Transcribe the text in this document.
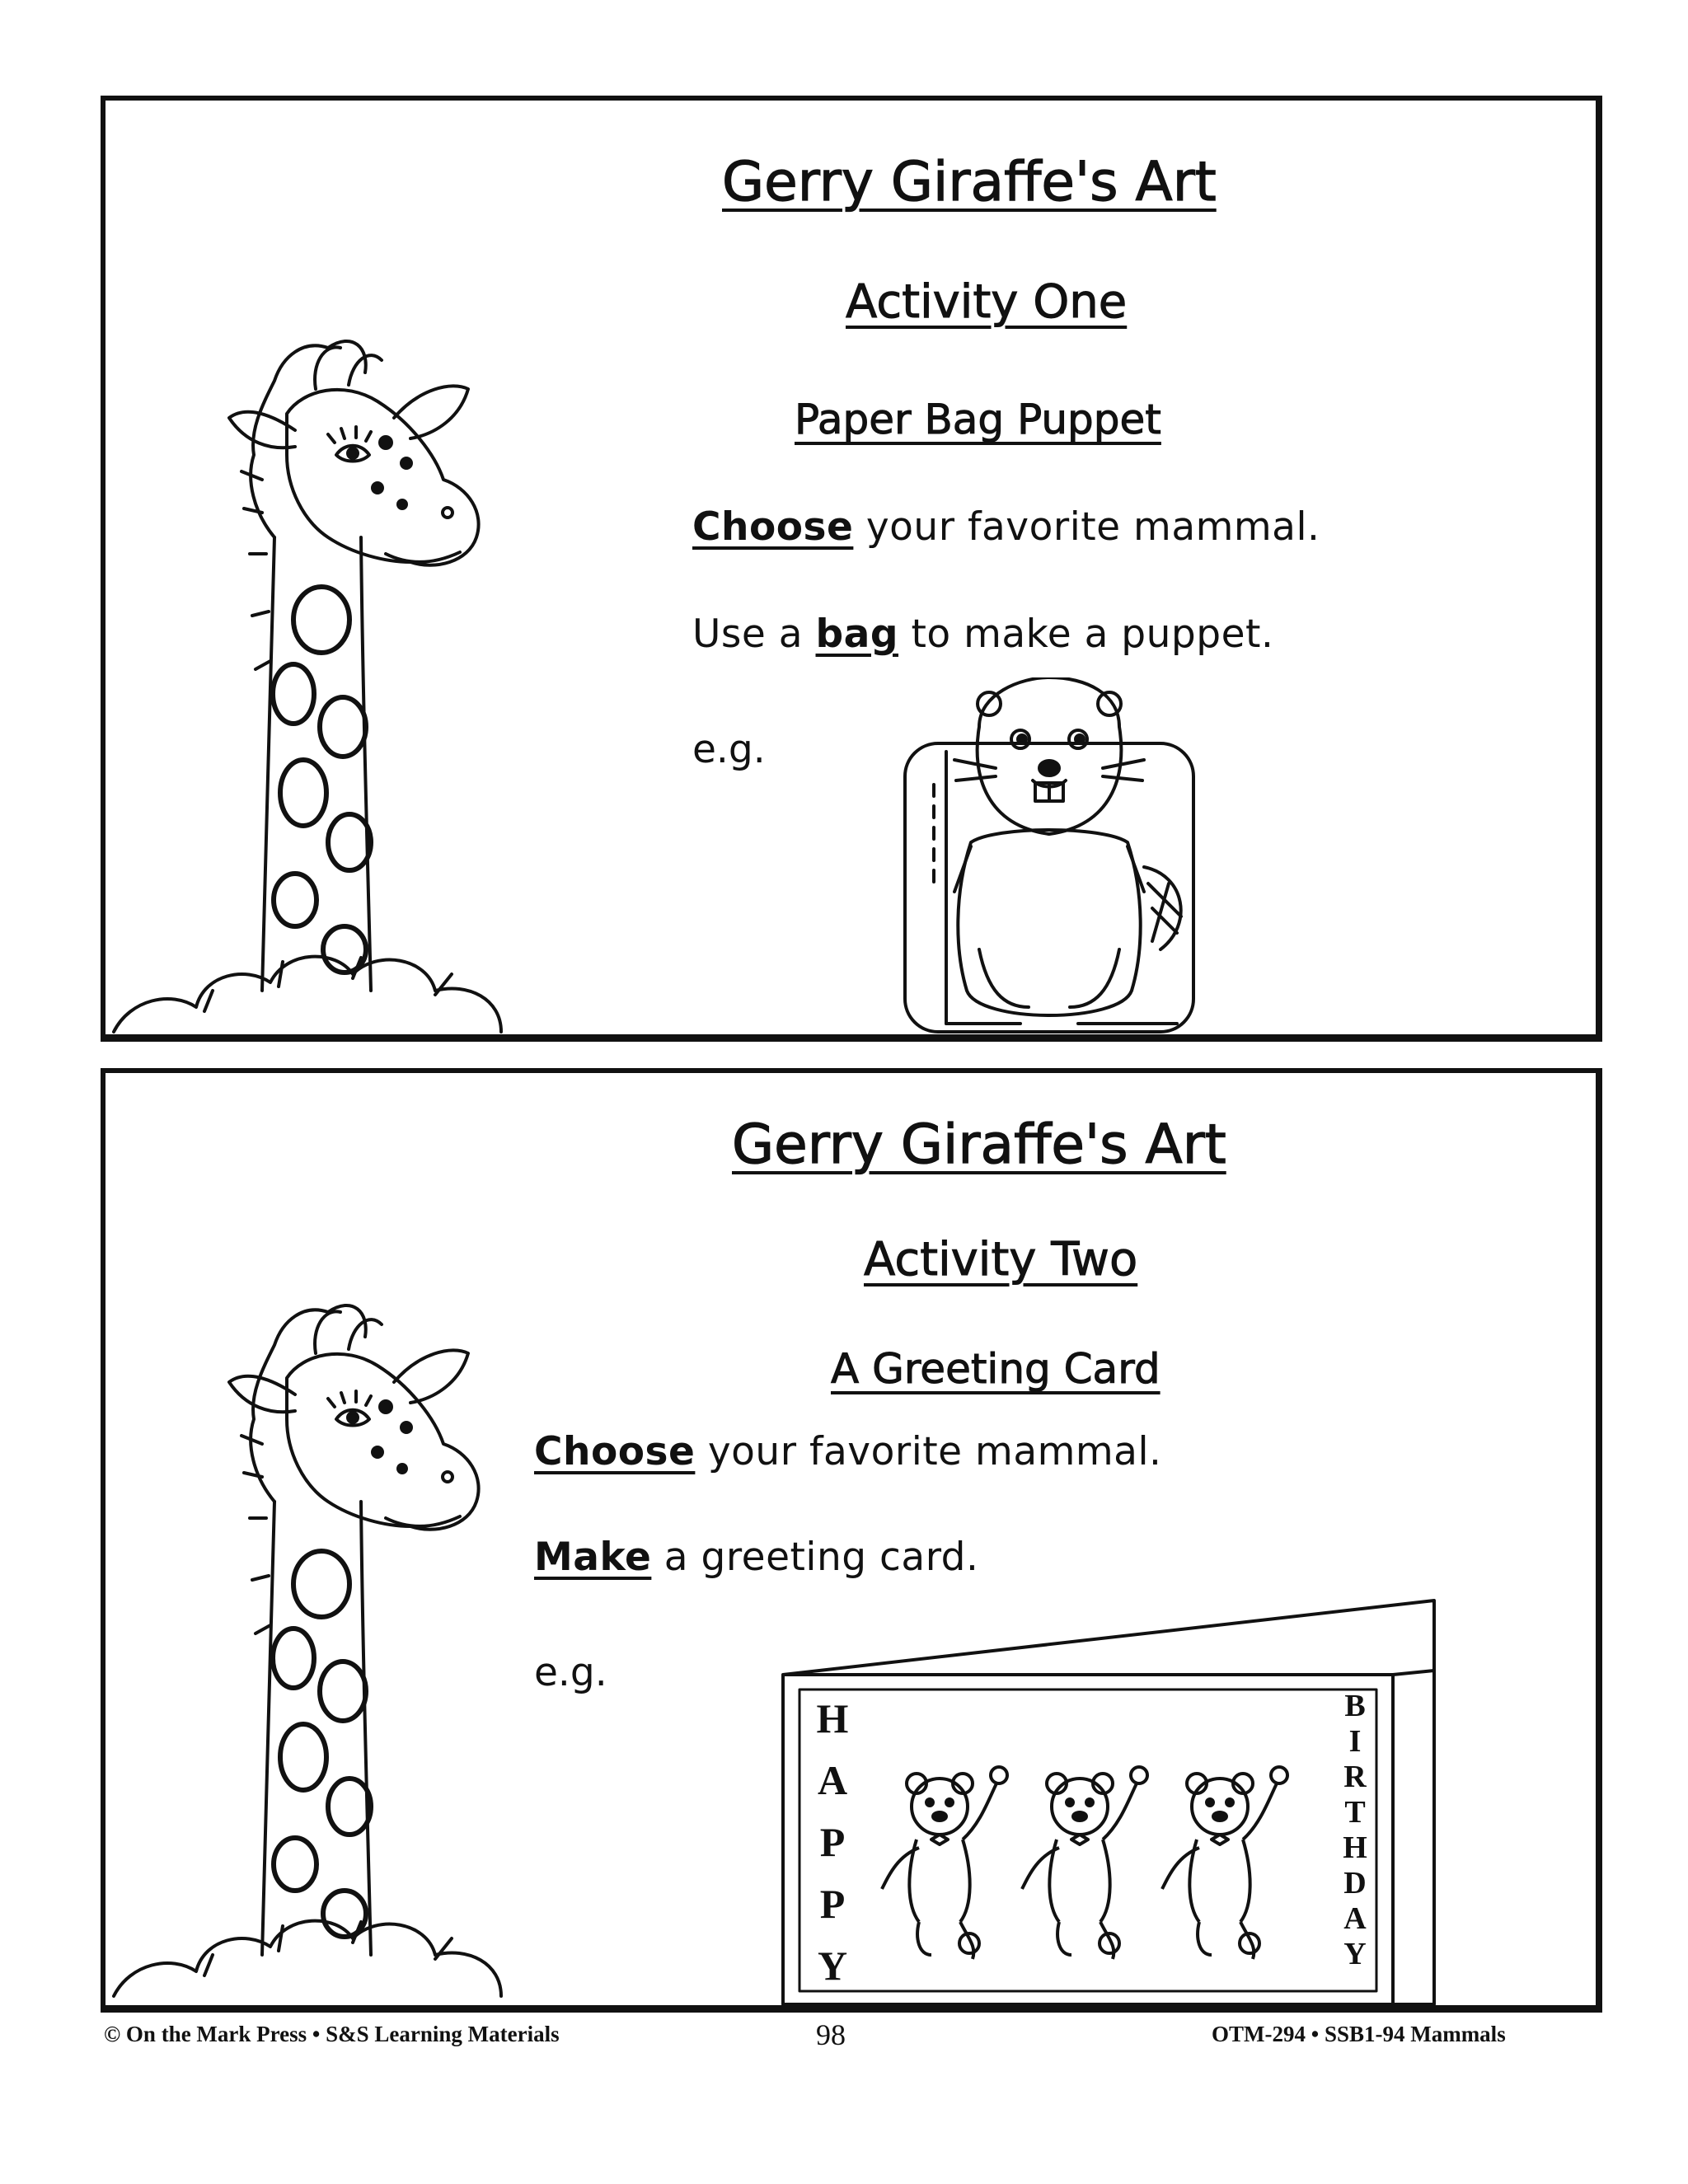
Gerry Giraffe's Art
Activity One
Paper Bag Puppet

Choose your favorite mammal.

Use a bag to make a puppet.

e.g.

Gerry Giraffe's Art
Activity Two
A Greeting Card

Choose your favorite mammal.

Make a greeting card.

e.g.

H
A
P
P
Y
B
I
R
T
H
D
A
Y
© On the Mark Press • S&S Learning Materials	98	OTM-294 • SSB1-94 Mammals
